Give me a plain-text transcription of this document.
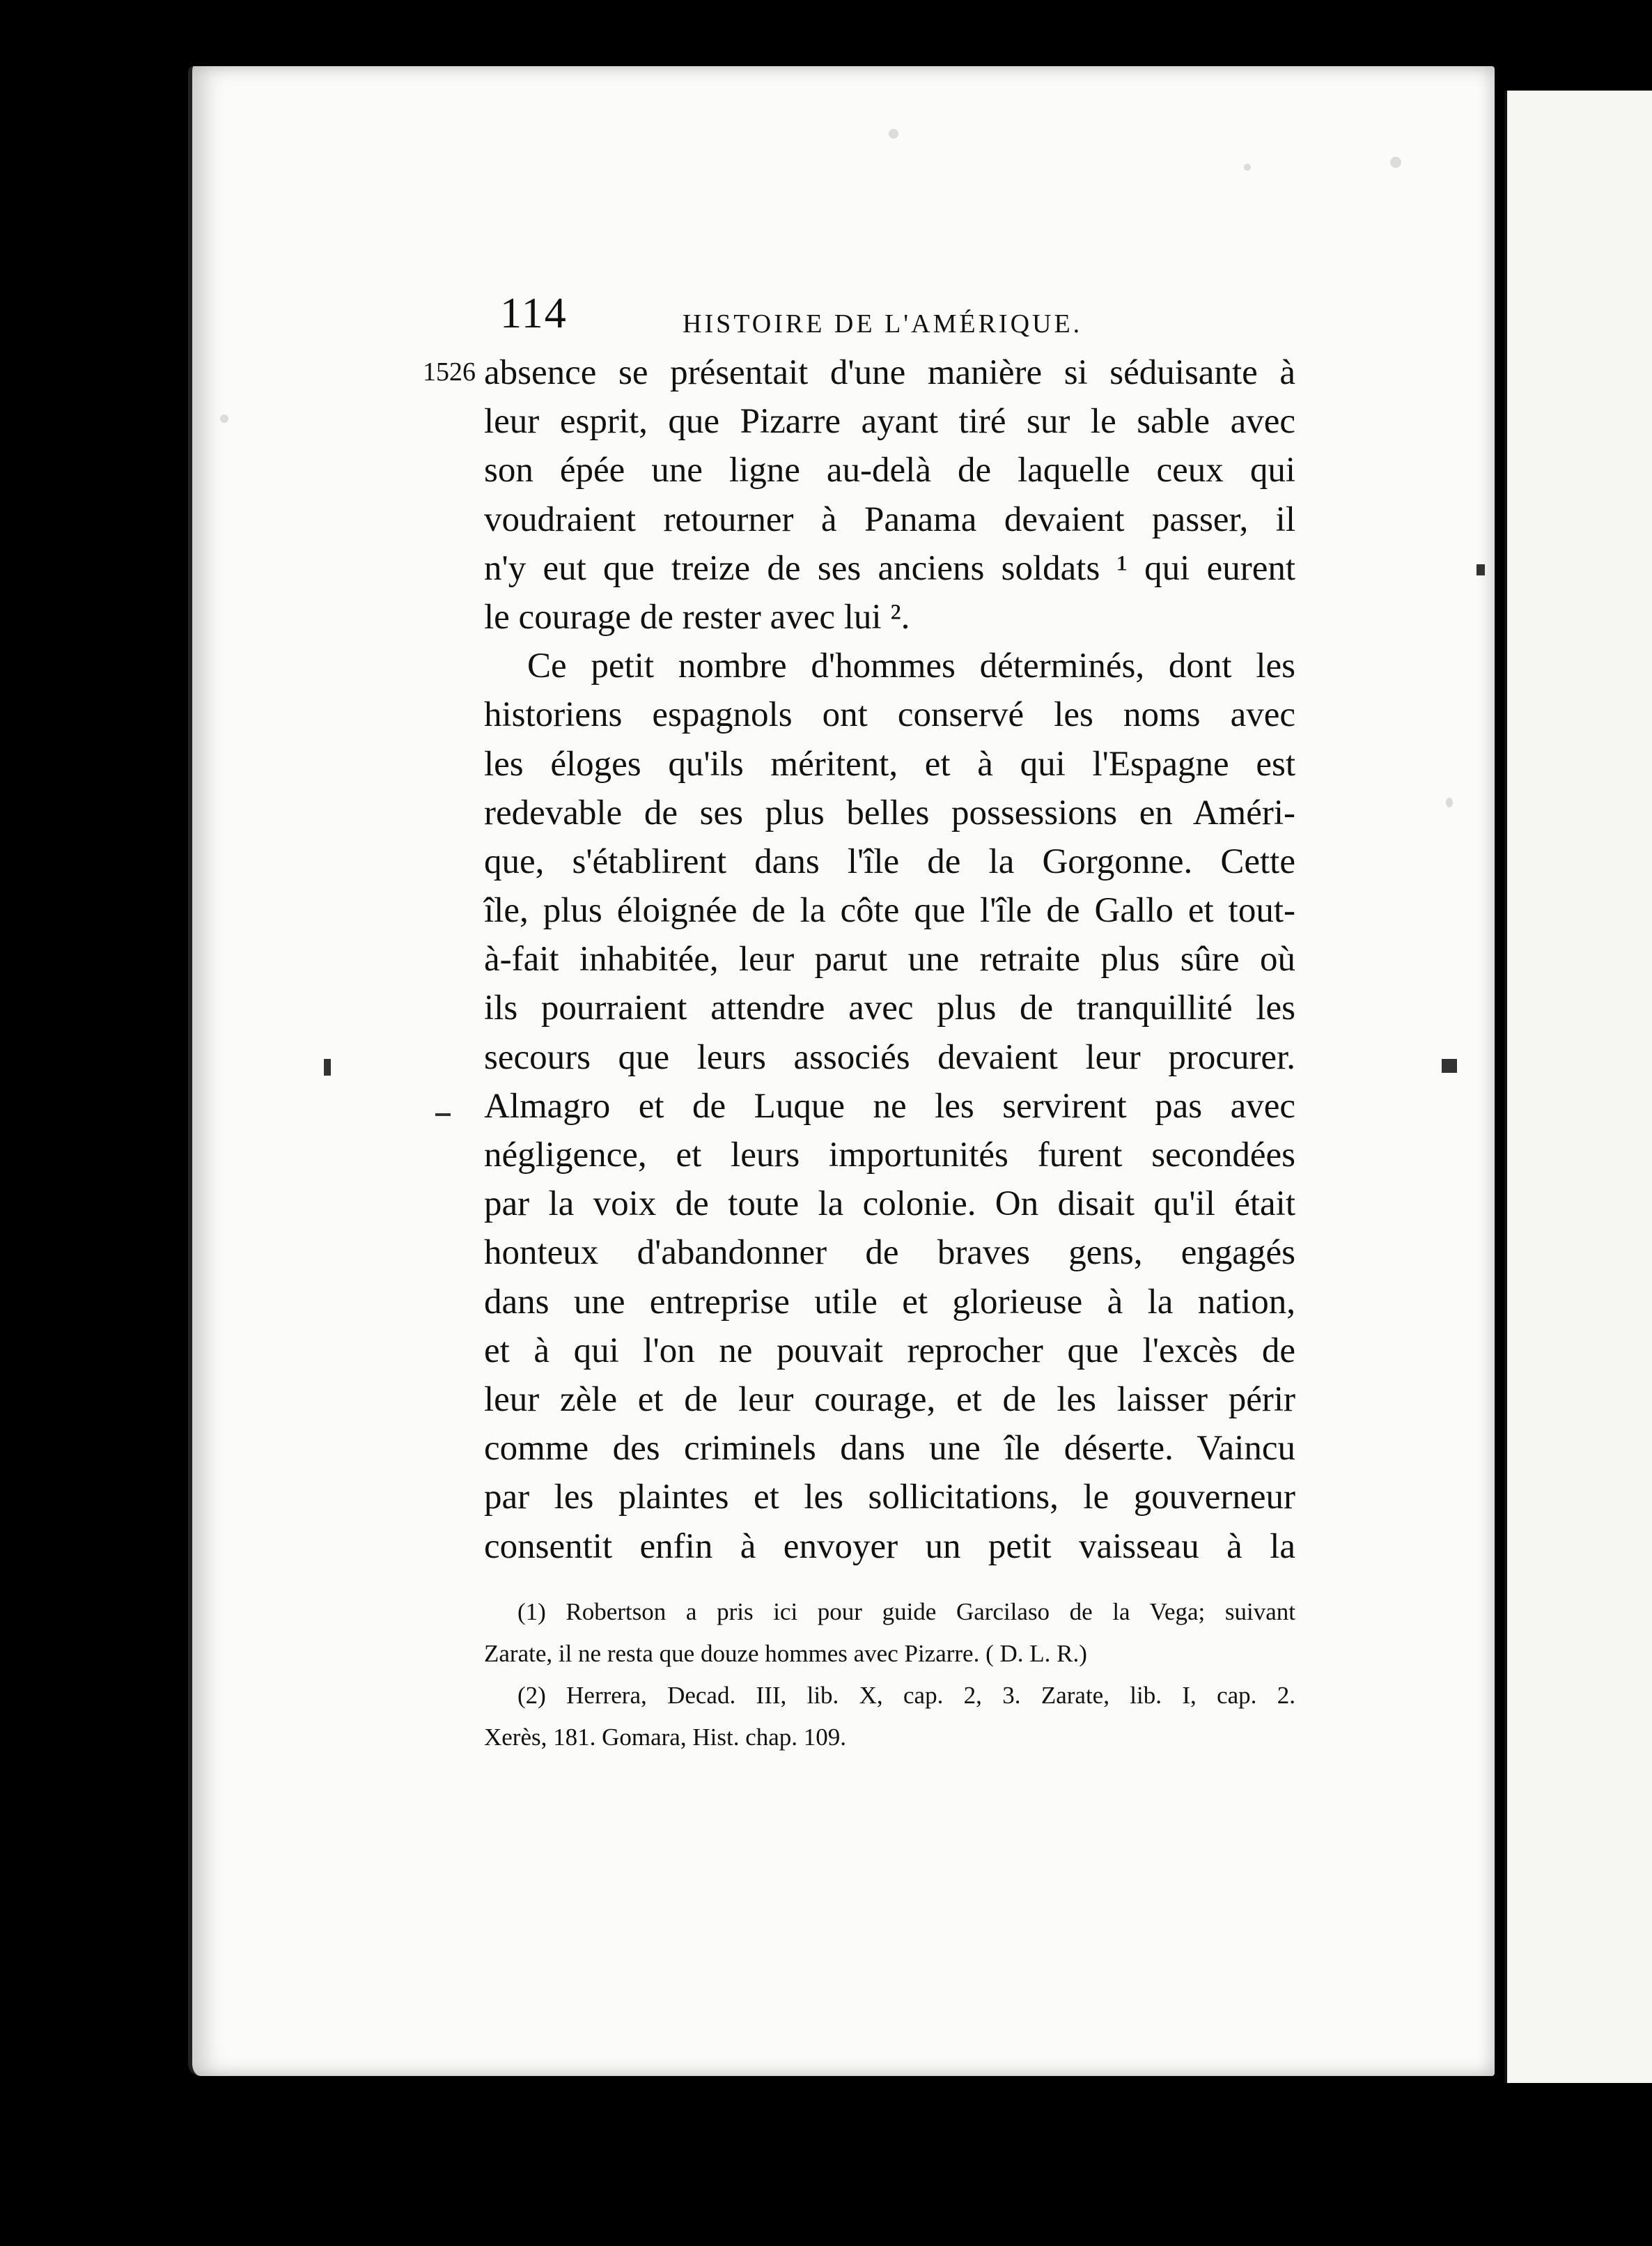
114	HISTOIRE DE L'AMÉRIQUE.
1526 absence se présentait d'une manière si séduisante à
leur esprit, que Pizarre ayant tiré sur le sable avec
son épée une ligne au-delà de laquelle ceux qui
voudraient retourner à Panama devaient passer, il
n'y eut que treize de ses anciens soldats ¹ qui eurent
le courage de rester avec lui ².
Ce petit nombre d'hommes déterminés, dont les
historiens espagnols ont conservé les noms avec
les éloges qu'ils méritent, et à qui l'Espagne est
redevable de ses plus belles possessions en Améri-
que, s'établirent dans l'île de la Gorgonne. Cette
île, plus éloignée de la côte que l'île de Gallo et tout-
à-fait inhabitée, leur parut une retraite plus sûre où
ils pourraient attendre avec plus de tranquillité les
secours que leurs associés devaient leur procurer.
Almagro et de Luque ne les servirent pas avec
négligence, et leurs importunités furent secondées
par la voix de toute la colonie. On disait qu'il était
honteux d'abandonner de braves gens, engagés
dans une entreprise utile et glorieuse à la nation,
et à qui l'on ne pouvait reprocher que l'excès de
leur zèle et de leur courage, et de les laisser périr
comme des criminels dans une île déserte. Vaincu
par les plaintes et les sollicitations, le gouverneur
consentit enfin à envoyer un petit vaisseau à la
(1) Robertson a pris ici pour guide Garcilaso de la Vega; suivant
Zarate, il ne resta que douze hommes avec Pizarre. ( D. L. R.)
(2) Herrera, Decad. III, lib. X, cap. 2, 3. Zarate, lib. I, cap. 2.
Xerès, 181. Gomara, Hist. chap. 109.
